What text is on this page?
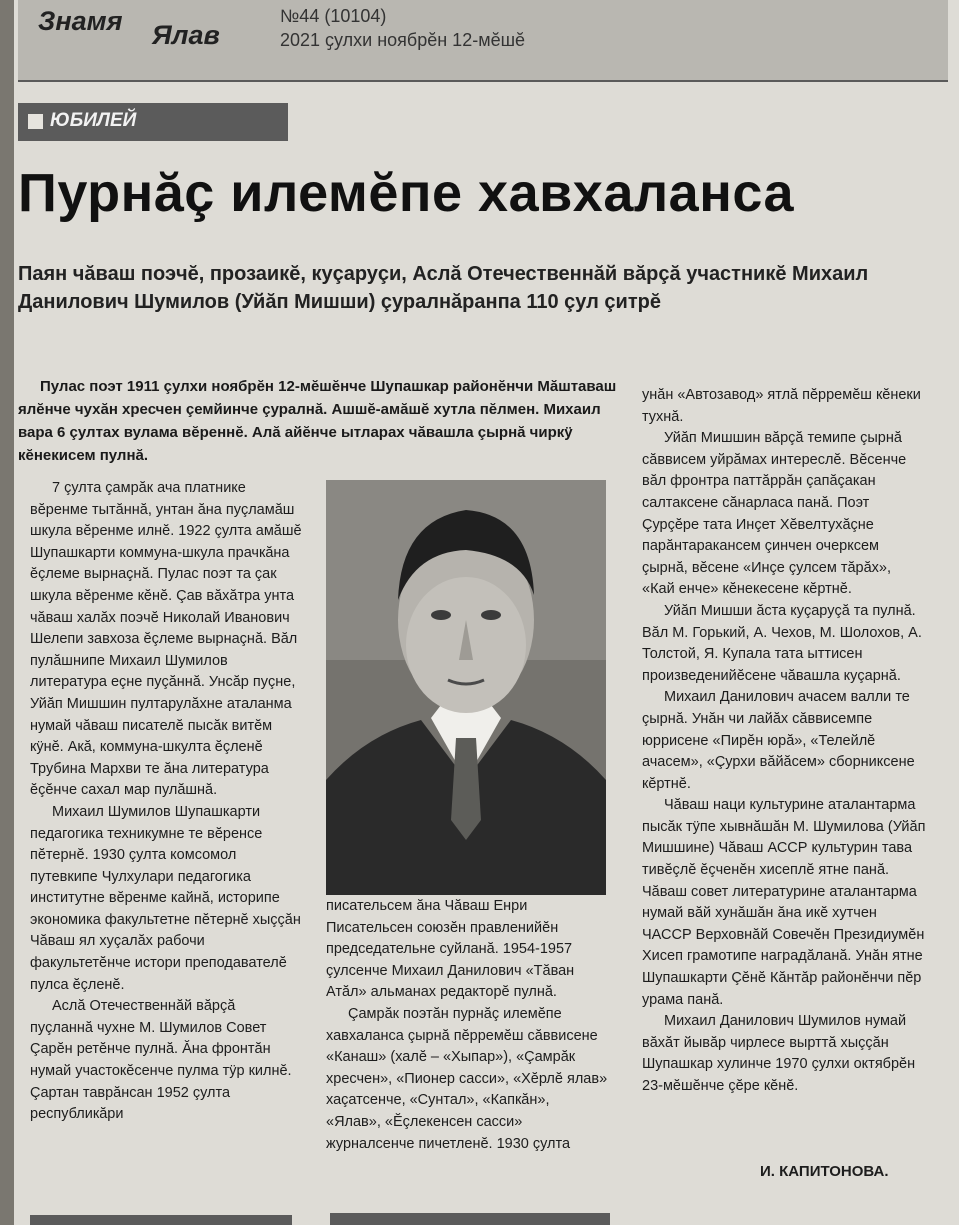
Знамя Ялав
№44 (10104)
2021 ҫулхи ноябрӗн 12-мӗшӗ
ЮБИЛЕЙ
Пурнăç илемĕпе хавхаланса
Паян чăваш поэчĕ, прозаикĕ, куçаруçи, Аслă Отечественнăй вăрçă участникĕ Михаил Данилович Шумилов (Уйăп Мишши) çуралнăранпа 110 çул çитрĕ
Пулас поэт 1911 çулхи ноябрĕн 12-мĕшĕнче Шупашкар районĕнчи Мăштаваш ялĕнче чухăн хресчен çемйинче çуралнă. Ашшĕ-амăшĕ хутла пĕлмен. Михаил вара 6 çултах вулама вĕреннĕ. Алă айĕнче ытларах чăвашла çырнă чиркÿ кĕнекисем пулнă.

7 çулта çамрăк ача платнике вĕренме тытăннă, унтан ăна пуçламăш шкула вĕренме илнĕ. 1922 çулта амăшĕ Шупашкарти коммуна-шкула прачкăна ĕçлеме вырнаçнă. Пулас поэт та çак шкула вĕренме кĕнĕ. Çав вăхăтра унта чăваш халăх поэчĕ Николай Иванович Шелепи завхоза ĕçлеме вырнаçнă. Вăл пулăшнипе Михаил Шумилов литература еçне пуçăннă. Унсăр пуçне, Уйăп Мишшин пултарулăхне аталанма нумай чăваш писателĕ пысăк витĕм кÿнĕ. Акă, коммуна-шкулта ĕçленĕ Трубина Мархви те ăна литература ĕçĕнче сахал мар пулăшнă.

Михаил Шумилов Шупашкарти педагогика техникумне те вĕренсе пĕтернĕ. 1930 çулта комсомол путевкипе Чулхулари педагогика институтне вĕренме кайнă, историпе экономика факультетне пĕтернĕ хыççăн Чăваш ял хуçалăх рабочи факультетĕнче истори преподавателĕ пулса ĕçленĕ.

Аслă Отечественнăй вăрçă пуçланнă чухне М. Шумилов Совет Çарĕн ретĕнче пулнă. Ăна фронтăн нумай участокĕсенче пулма тÿр килнĕ. Çартан таврăнсан 1952 çулта республикăри

писательсем ăна Чăваш Енри Писательсен союзĕн правленийĕн председательне суйланă. 1954-1957 çулсенче Михаил Данилович «Тăван Атăл» альманах редакторĕ пулнă.

Çамрăк поэтăн пурнăç илемĕпе хавхаланса çырнă пĕрремĕш сăввисене «Канаш» (халĕ – «Хыпар»), «Çамрăк хресчен», «Пионер сасси», «Хĕрлĕ ялав» хаçатсенче, «Сунтал», «Капкăн», «Ялав», «Ĕçлекенсен сасси» журналсенче пичетленĕ. 1930 çулта

унăн «Автозавод» ятлă пĕрремĕш кĕнеки тухнă.

Уйăп Мишшин вăрçă темипе çырнă сăввисем уйрăмах интереслĕ. Вĕсенче вăл фронтра паттăррăн çапăçакан салтаксене сăнарласа панă. Поэт Çурçĕре тата Инçет Хĕвелтухăçне парăнтаракансем çинчен очерксем çырнă, вĕсене «Инçе çулсем тăрăх», «Кай енче» кĕнекесене кĕртнĕ.

Уйăп Мишши ăста куçаруçă та пулнă. Вăл М. Горький, А. Чехов, М. Шолохов, А. Толстой, Я. Купала тата ыттисен произведенийĕсене чăвашла куçарнă.

Михаил Данилович ачасем валли те çырнă. Унăн чи лайăх сăввисемпе юррисене «Пирĕн юрă», «Телейлĕ ачасем», «Çурхи вăйăсем» сборниксене кĕртнĕ.

Чăваш наци культурине аталантарма пысăк тÿпе хывнăшăн М. Шумилова (Уйăп Мишшине) Чăваш АССР культурин тава тивĕçлĕ ĕçченĕн хисеплĕ ятне панă. Чăваш совет литературине аталантарма нумай вăй хунăшăн ăна икĕ хутчен ЧАССР Верховнăй Совечĕн Президиумĕн Хисеп грамотипе наградăланă. Унăн ятне Шупашкарти Çĕнĕ Кăнтăр районĕнчи пĕр урама панă.

Михаил Данилович Шумилов нумай вăхăт йывăр чирлесе вырттă хыççăн Шупашкар хулинче 1970 çулхи октябрĕн 23-мĕшĕнче çĕре кĕнĕ.

И. КАПИТОНОВА.
